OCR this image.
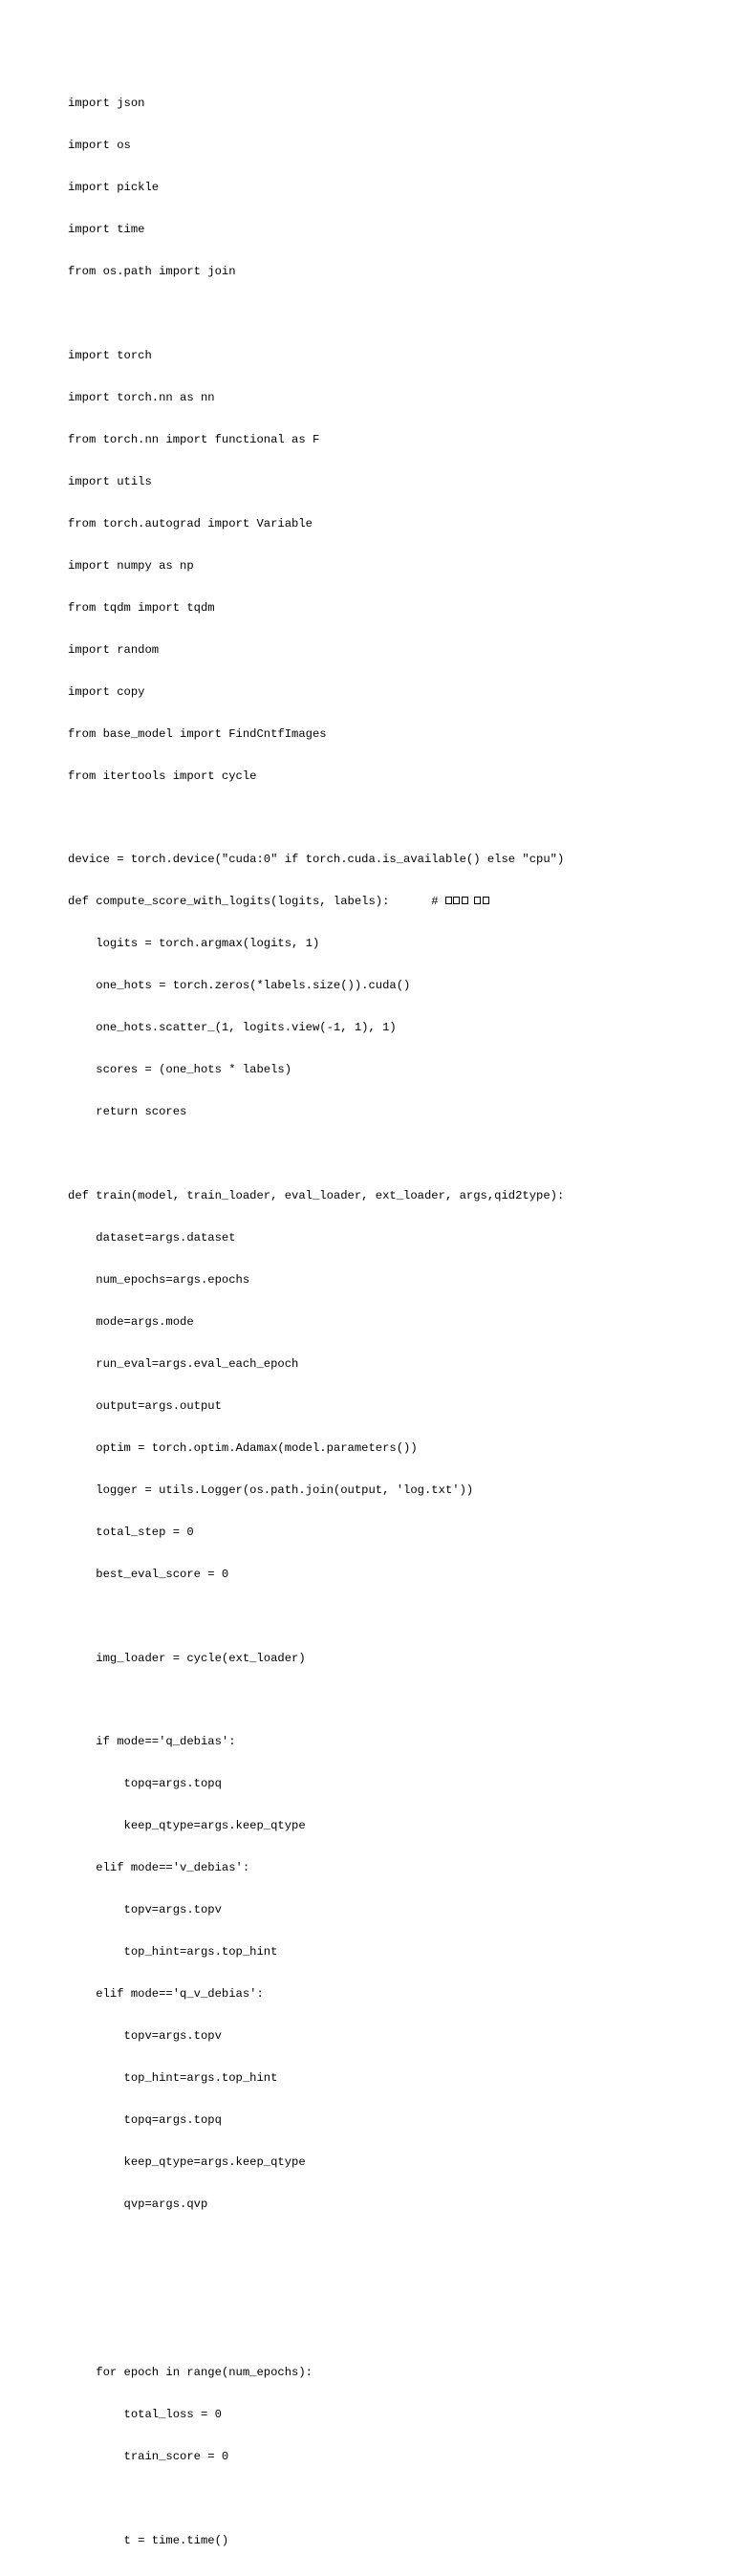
import json

import os

import pickle

import time

from os.path import join

import torch

import torch.nn as nn

from torch.nn import functional as F

import utils

from torch.autograd import Variable

import numpy as np

from tqdm import tqdm

import random

import copy

from base_model import FindCntfImages

from itertools import cycle

device = torch.device("cuda:0" if torch.cuda.is_available() else "cpu")

def compute_score_with_logits(logits, labels):      #

logits = torch.argmax(logits, 1)

one_hots = torch.zeros(*labels.size()).cuda()

one_hots.scatter_(1, logits.view(-1, 1), 1)

scores = (one_hots * labels)

return scores

def train(model, train_loader, eval_loader, ext_loader, args,qid2type):

dataset=args.dataset

num_epochs=args.epochs

mode=args.mode

run_eval=args.eval_each_epoch

output=args.output

optim = torch.optim.Adamax(model.parameters())

logger = utils.Logger(os.path.join(output, 'log.txt'))

total_step = 0

best_eval_score = 0

img_loader = cycle(ext_loader)

if mode=='q_debias':

topq=args.topq

keep_qtype=args.keep_qtype

elif mode=='v_debias':

topv=args.topv

top_hint=args.top_hint

elif mode=='q_v_debias':

topv=args.topv

top_hint=args.top_hint

topq=args.topq

keep_qtype=args.keep_qtype

qvp=args.qvp

for epoch in range(num_epochs):

total_loss = 0

train_score = 0

t = time.time()
